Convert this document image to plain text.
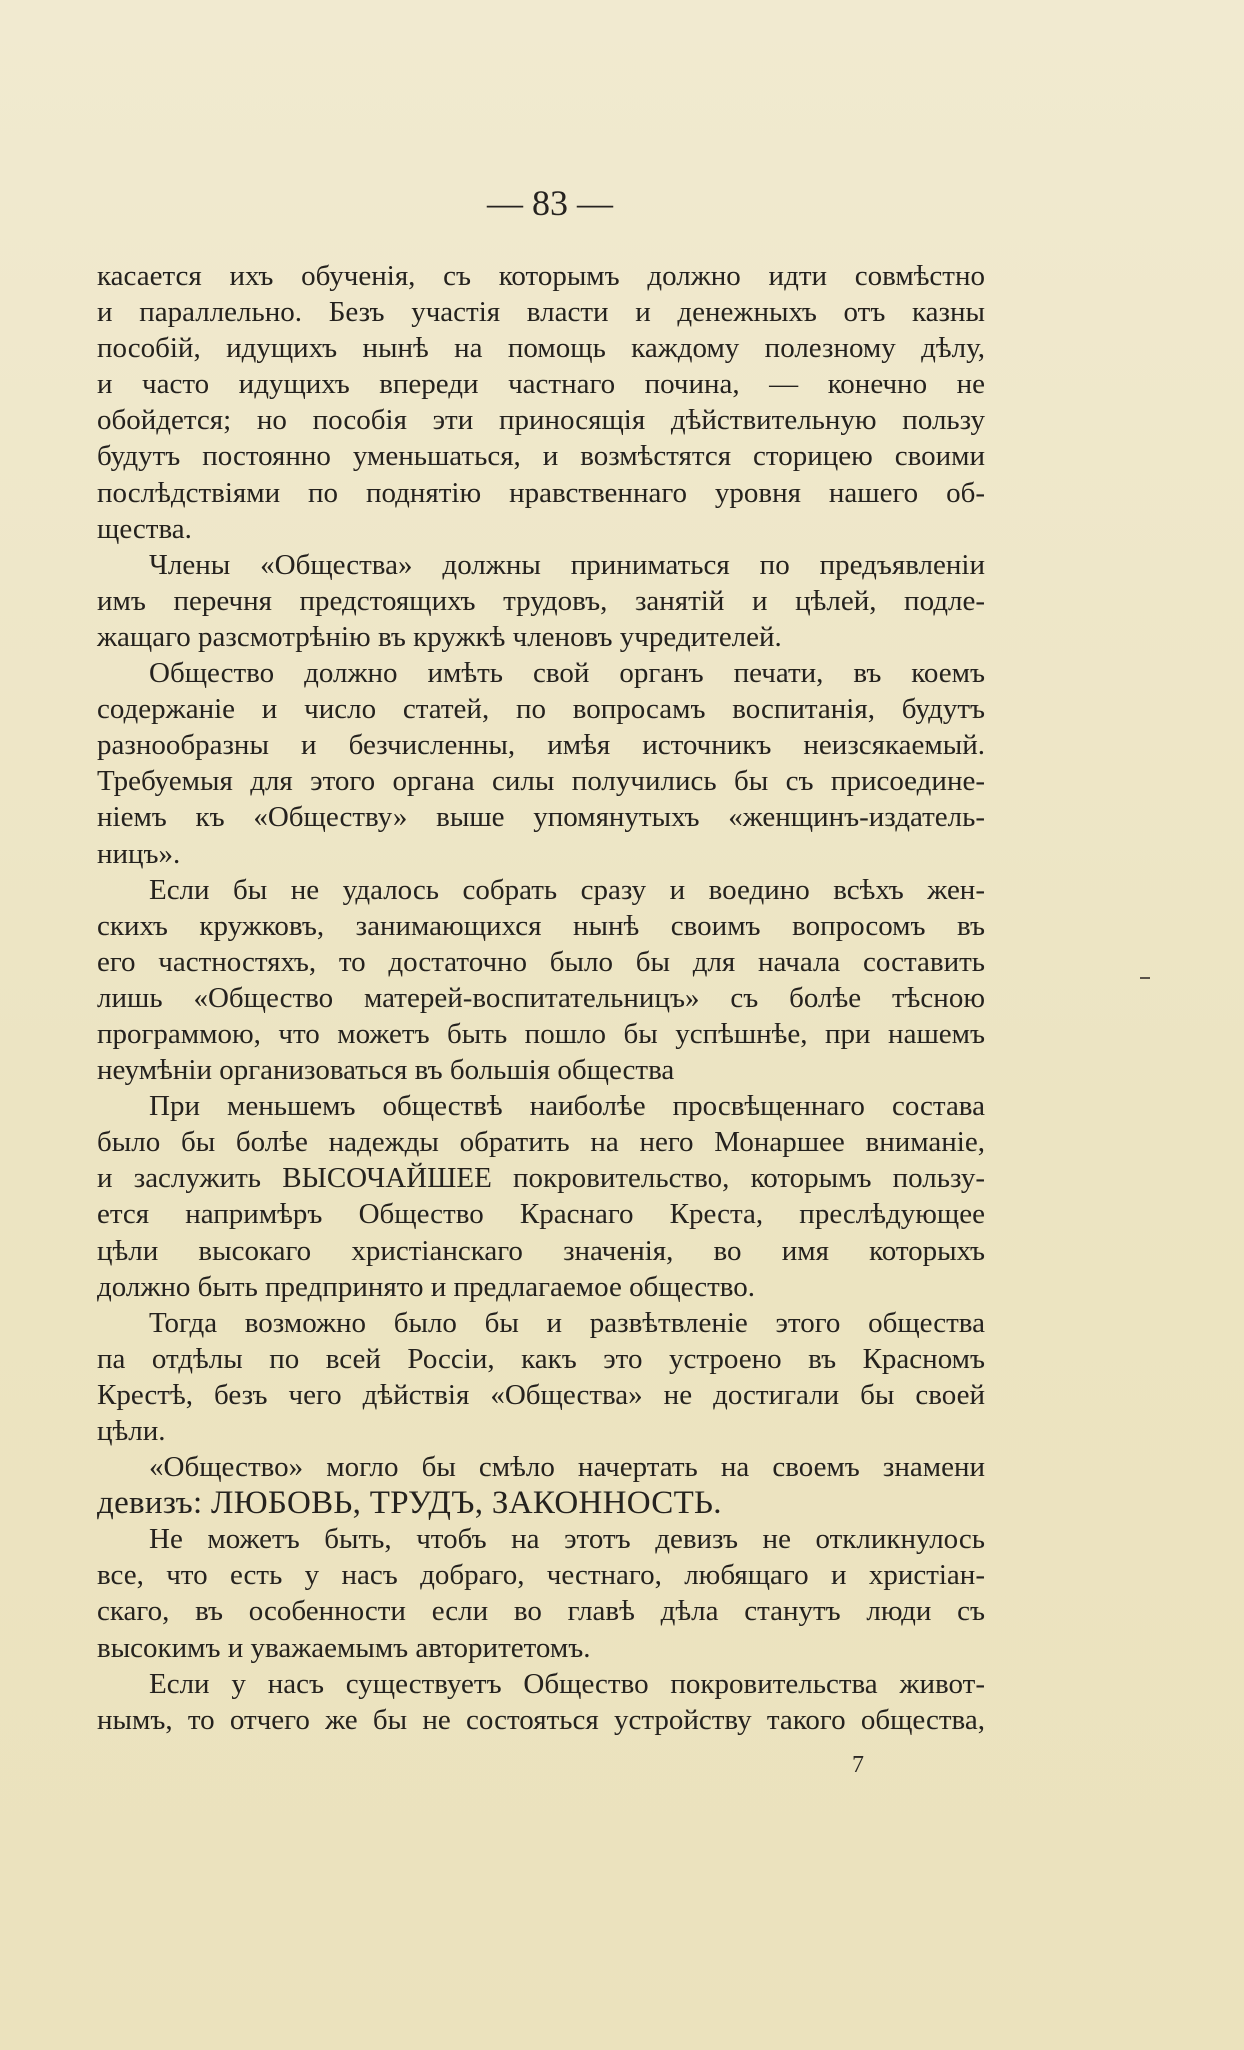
— 83 —

касается ихъ обученія, съ которымъ должно идти совмѣстно
и параллельно. Безъ участія власти и денежныхъ отъ казны
пособій, идущихъ нынѣ на помощь каждому полезному дѣлу,
и часто идущихъ впереди частнаго почина, — конечно не
обойдется; но пособія эти приносящія дѣйствительную пользу
будутъ постоянно уменьшаться, и возмѣстятся сторицею своими
послѣдствіями по поднятію нравственнаго уровня нашего об-
щества.

Члены «Общества» должны приниматься по предъявленіи
имъ перечня предстоящихъ трудовъ, занятій и цѣлей, подле-
жащаго разсмотрѣнію въ кружкѣ членовъ учредителей.

Общество должно имѣть свой органъ печати, въ коемъ
содержаніе и число статей, по вопросамъ воспитанія, будутъ
разнообразны и безчисленны, имѣя источникъ неизсякаемый.
Требуемыя для этого органа силы получились бы съ присоедине-
ніемъ къ «Обществу» выше упомянутыхъ «женщинъ-издатель-
ницъ».

Если бы не удалось собрать сразу и воедино всѣхъ жен-
скихъ кружковъ, занимающихся нынѣ своимъ вопросомъ въ
его частностяхъ, то достаточно было бы для начала составить
лишь «Общество матерей-воспитательницъ» съ болѣе тѣсною
программою, что можетъ быть пошло бы успѣшнѣе, при нашемъ
неумѣніи организоваться въ большія общества

При меньшемъ обществѣ наиболѣе просвѣщеннаго состава
было бы болѣе надежды обратить на него Монаршее вниманіе,
и заслужить ВЫСОЧАЙШЕЕ покровительство, которымъ пользу-
ется напримѣръ Общество Краснаго Креста, преслѣдующее
цѣли высокаго христіанскаго значенія, во имя которыхъ
должно быть предпринято и предлагаемое общество.

Тогда возможно было бы и развѣтвленіе этого общества
па отдѣлы по всей Россіи, какъ это устроено въ Красномъ
Крестѣ, безъ чего дѣйствія «Общества» не достигали бы своей
цѣли.

«Общество» могло бы смѣло начертать на своемъ знамени
девизъ: ЛЮБОВЬ, ТРУДЪ, ЗАКОННОСТЬ.

Не можетъ быть, чтобъ на этотъ девизъ не откликнулось
все, что есть у насъ добраго, честнаго, любящаго и христіан-
скаго, въ особенности если во главѣ дѣла станутъ люди съ
высокимъ и уважаемымъ авторитетомъ.

Если у насъ существуетъ Общество покровительства живот-
нымъ, то отчего же бы не состояться устройству такого общества,

7
